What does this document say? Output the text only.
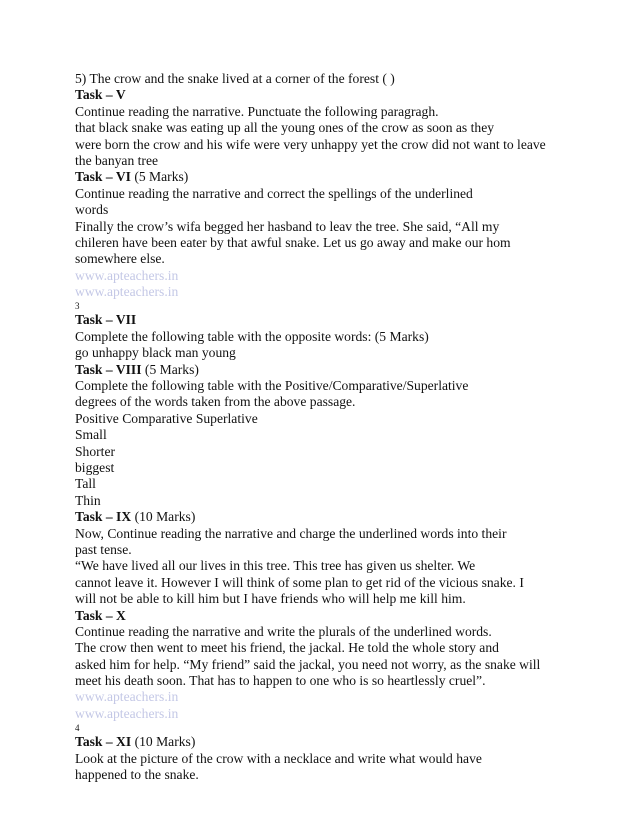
5) The crow and the snake lived at a corner of the forest ( )
Task – V
Continue reading the narrative. Punctuate the following paragragh.
that black snake was eating up all the young ones of the crow as soon as they
were born the crow and his wife were very unhappy yet the crow did not want to leave
the banyan tree
Task – VI (5 Marks)
Continue reading the narrative and correct the spellings of the underlined
words
Finally the crow’s wifa begged her hasband to leav the tree. She said, “All my
chileren have been eater by that awful snake. Let us go away and make our hom
somewhere else.
www.apteachers.in
www.apteachers.in
3
Task – VII
Complete the following table with the opposite words: (5 Marks)
go unhappy black man young
Task – VIII (5 Marks)
Complete the following table with the Positive/Comparative/Superlative
degrees of the words taken from the above passage.
Positive Comparative Superlative
Small
Shorter
biggest
Tall
Thin
Task – IX (10 Marks)
Now, Continue reading the narrative and charge the underlined words into their
past tense.
“We have lived all our lives in this tree. This tree has given us shelter. We
cannot leave it. However I will think of some plan to get rid of the vicious snake. I
will not be able to kill him but I have friends who will help me kill him.
Task – X
Continue reading the narrative and write the plurals of the underlined words.
The crow then went to meet his friend, the jackal. He told the whole story and
asked him for help. “My friend” said the jackal, you need not worry, as the snake will
meet his death soon. That has to happen to one who is so heartlessly cruel”.
www.apteachers.in
www.apteachers.in
4
Task – XI (10 Marks)
Look at the picture of the crow with a necklace and write what would have
happened to the snake.
